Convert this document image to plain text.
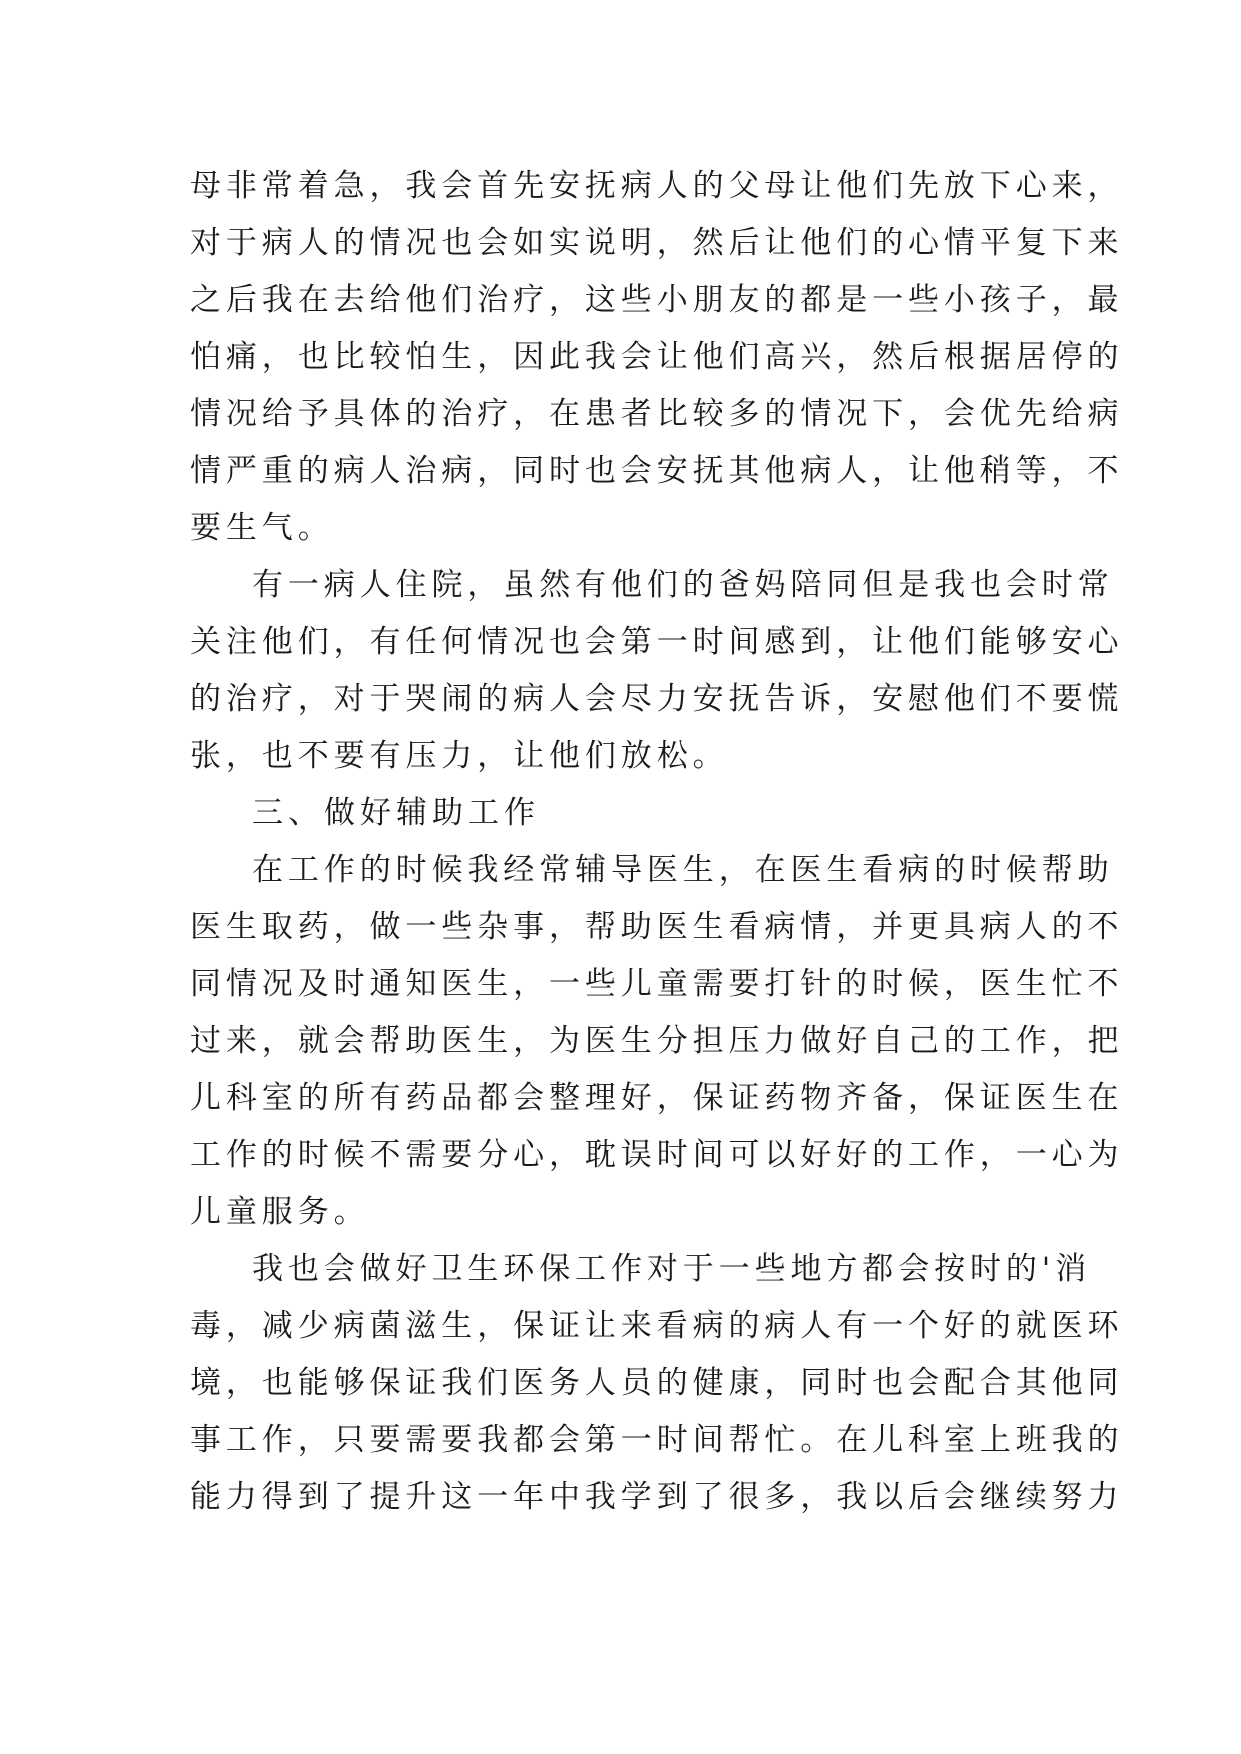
母非常着急，我会首先安抚病人的父母让他们先放下心来，
对于病人的情况也会如实说明，然后让他们的心情平复下来
之后我在去给他们治疗，这些小朋友的都是一些小孩子，最
怕痛，也比较怕生，因此我会让他们高兴，然后根据居停的
情况给予具体的治疗，在患者比较多的情况下，会优先给病
情严重的病人治病，同时也会安抚其他病人，让他稍等，不
要生气。
有一病人住院，虽然有他们的爸妈陪同但是我也会时常
关注他们，有任何情况也会第一时间感到，让他们能够安心
的治疗，对于哭闹的病人会尽力安抚告诉，安慰他们不要慌
张，也不要有压力，让他们放松。
三、做好辅助工作
在工作的时候我经常辅导医生，在医生看病的时候帮助
医生取药，做一些杂事，帮助医生看病情，并更具病人的不
同情况及时通知医生，一些儿童需要打针的时候，医生忙不
过来，就会帮助医生，为医生分担压力做好自己的工作，把
儿科室的所有药品都会整理好，保证药物齐备，保证医生在
工作的时候不需要分心，耽误时间可以好好的工作，一心为
儿童服务。
我也会做好卫生环保工作对于一些地方都会按时的'消
毒，减少病菌滋生，保证让来看病的病人有一个好的就医环
境，也能够保证我们医务人员的健康，同时也会配合其他同
事工作，只要需要我都会第一时间帮忙。在儿科室上班我的
能力得到了提升这一年中我学到了很多，我以后会继续努力
